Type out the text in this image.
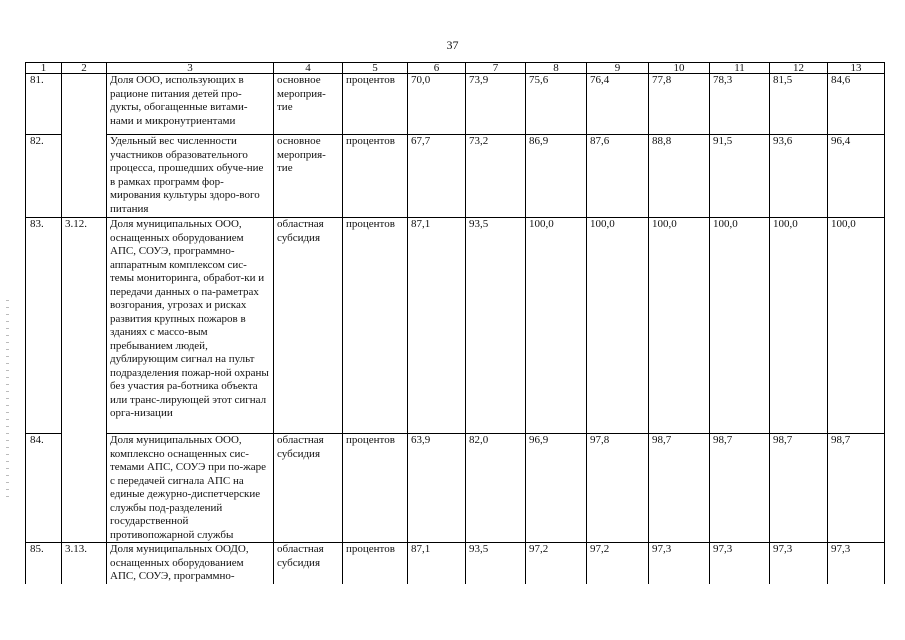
37
1	2	3	4	5	6	7	8	9	10	11	12	13
81.		Доля ООО, использующих в рационе питания детей про-дукты, обогащенные витами-нами и микронутриентами	основное мероприя-тие	процентов	70,0	73,9	75,6	76,4	77,8	78,3	81,5	84,6
82.		Удельный вес численности участников образовательного процесса, прошедших обуче-ние в рамках программ фор-мирования культуры здоро-вого питания	основное мероприя-тие	процентов	67,7	73,2	86,9	87,6	88,8	91,5	93,6	96,4
83.	3.12.	Доля муниципальных ООО, оснащенных оборудованием АПС, СОУЭ, программно-аппаратным комплексом сис-темы мониторинга, обработ-ки и передачи данных о па-раметрах возгорания, угрозах и рисках развития крупных пожаров в зданиях с массо-вым пребыванием людей, дублирующим сигнал на пульт подразделения пожар-ной охраны без участия ра-ботника объекта или транс-лирующей этот сигнал орга-низации	областная субсидия	процентов	87,1	93,5	100,0	100,0	100,0	100,0	100,0	100,0
84.		Доля муниципальных ООО, комплексно оснащенных сис-темами АПС, СОУЭ при по-жаре с передачей сигнала АПС на единые дежурно-диспетчерские службы под-разделений государственной противопожарной службы	областная субсидия	процентов	63,9	82,0	96,9	97,8	98,7	98,7	98,7	98,7
85.	3.13.	Доля муниципальных ООДО, оснащенных оборудованием АПС, СОУЭ, программно-	областная субсидия	процентов	87,1	93,5	97,2	97,2	97,3	97,3	97,3	97,3
